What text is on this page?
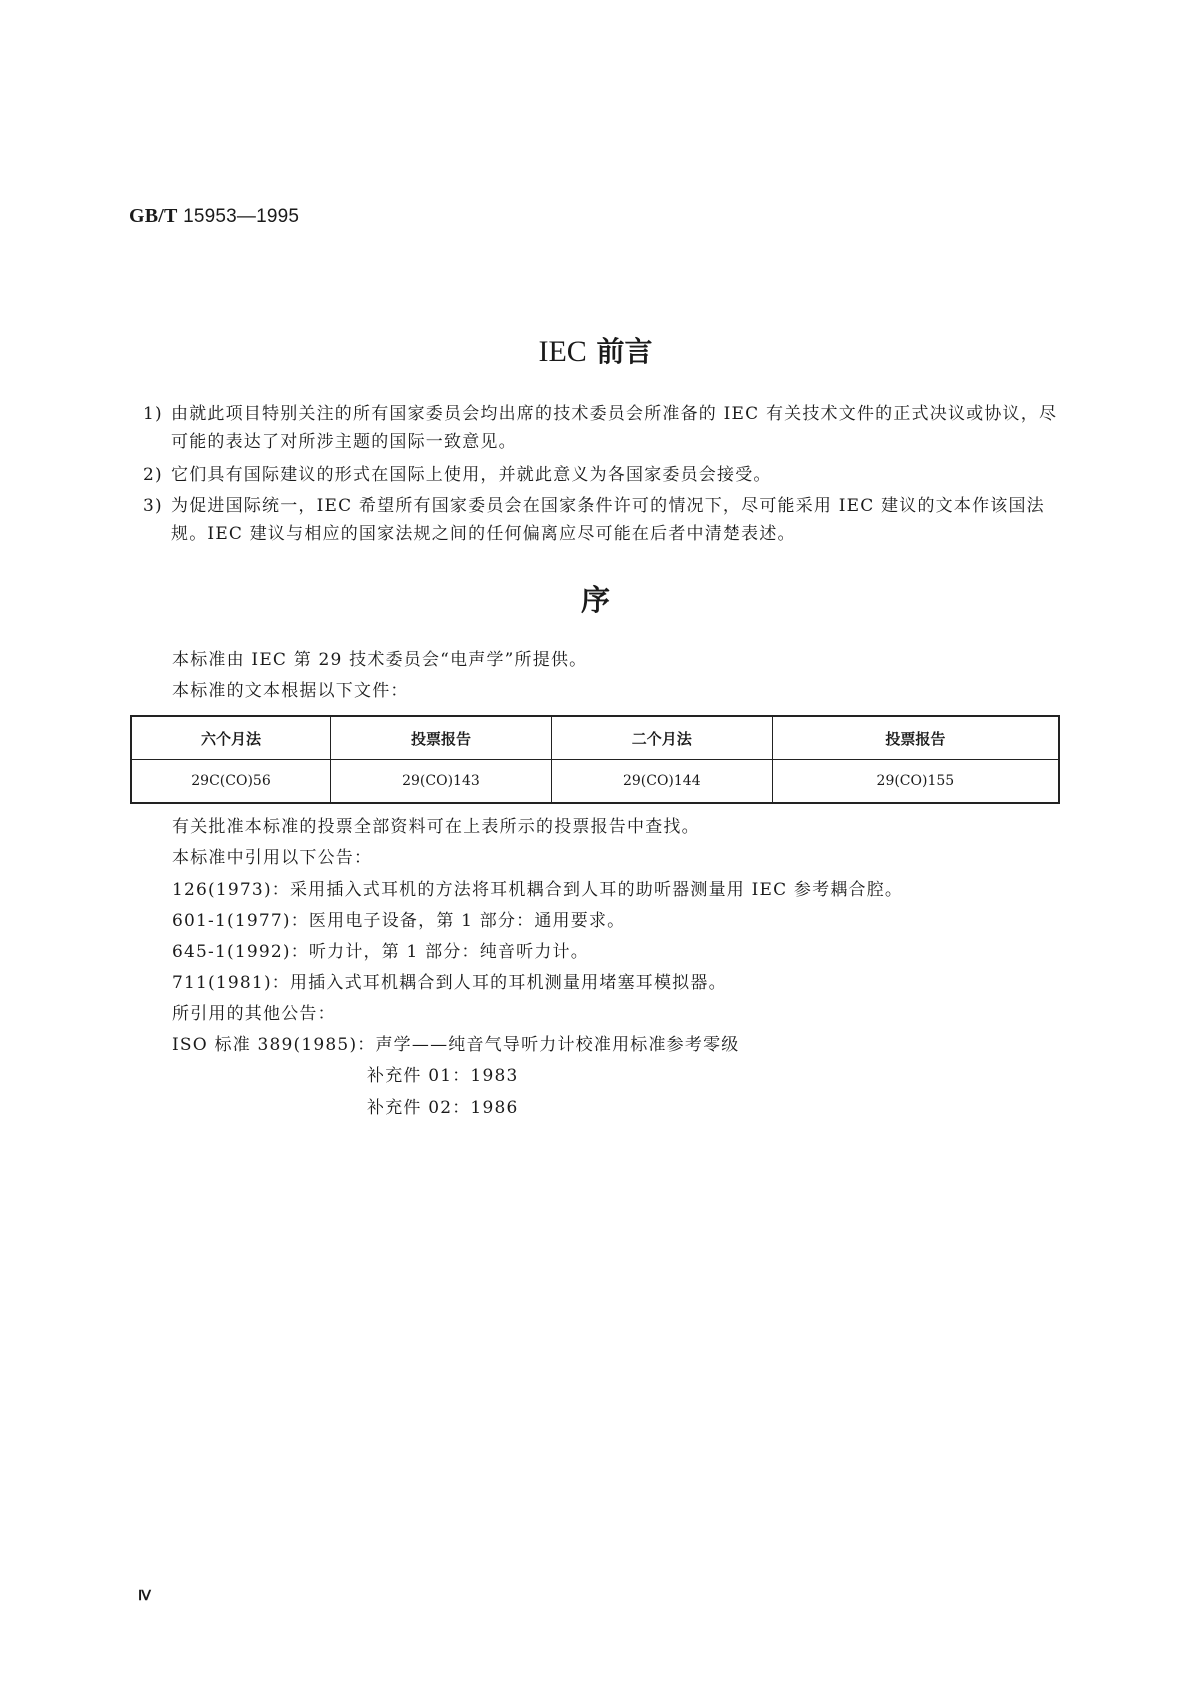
GB/T 15953—1995
IEC 前言
1) 由就此项目特别关注的所有国家委员会均出席的技术委员会所准备的 IEC 有关技术文件的正式决议或协议，尽可能的表达了对所涉主题的国际一致意见。
2) 它们具有国际建议的形式在国际上使用，并就此意义为各国家委员会接受。
3) 为促进国际统一，IEC 希望所有国家委员会在国家条件许可的情况下，尽可能采用 IEC 建议的文本作该国法规。IEC 建议与相应的国家法规之间的任何偏离应尽可能在后者中清楚表述。
序
本标准由 IEC 第 29 技术委员会“电声学”所提供。
本标准的文本根据以下文件：
六个月法	投票报告	二个月法	投票报告
29C(CO)56	29(CO)143	29(CO)144	29(CO)155
有关批准本标准的投票全部资料可在上表所示的投票报告中查找。
本标准中引用以下公告：
126(1973)：采用插入式耳机的方法将耳机耦合到人耳的助听器测量用 IEC 参考耦合腔。
601-1(1977)：医用电子设备，第 1 部分：通用要求。
645-1(1992)：听力计，第 1 部分：纯音听力计。
711(1981)：用插入式耳机耦合到人耳的耳机测量用堵塞耳模拟器。
所引用的其他公告：
ISO 标准 389(1985)：声学——纯音气导听力计校准用标准参考零级
补充件 01：1983
补充件 02：1986
Ⅳ
